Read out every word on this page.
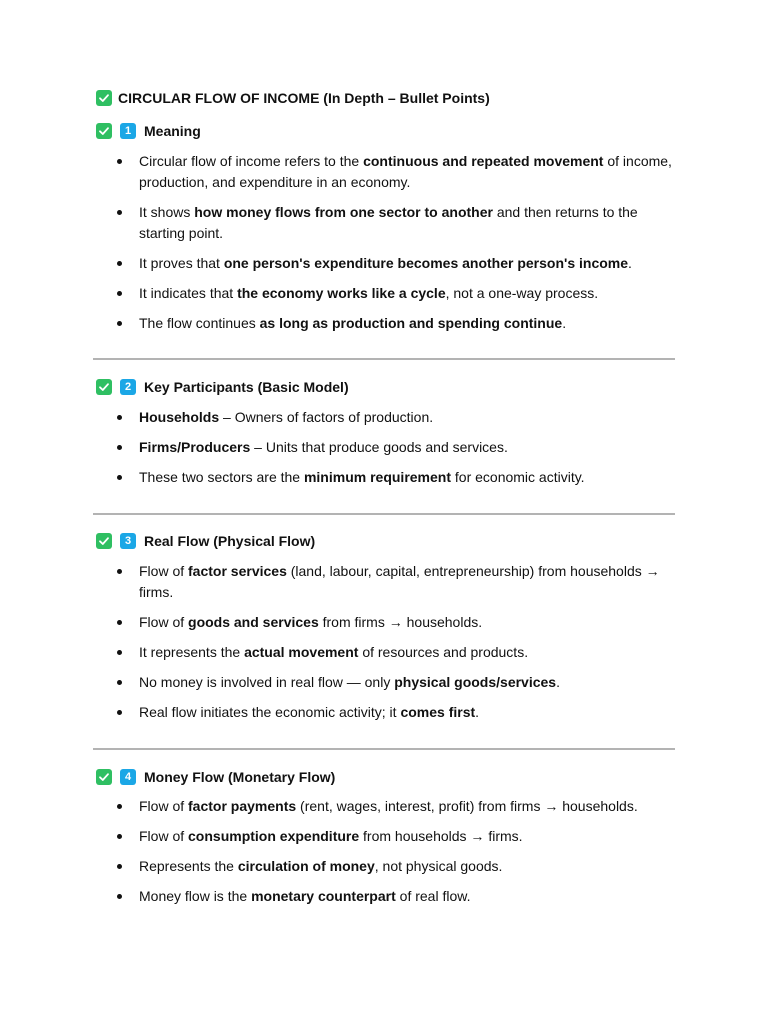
CIRCULAR FLOW OF INCOME (In Depth – Bullet Points)
1 Meaning
Circular flow of income refers to the continuous and repeated movement of income, production, and expenditure in an economy.
It shows how money flows from one sector to another and then returns to the starting point.
It proves that one person's expenditure becomes another person's income.
It indicates that the economy works like a cycle, not a one-way process.
The flow continues as long as production and spending continue.
2 Key Participants (Basic Model)
Households – Owners of factors of production.
Firms/Producers – Units that produce goods and services.
These two sectors are the minimum requirement for economic activity.
3 Real Flow (Physical Flow)
Flow of factor services (land, labour, capital, entrepreneurship) from households → firms.
Flow of goods and services from firms → households.
It represents the actual movement of resources and products.
No money is involved in real flow — only physical goods/services.
Real flow initiates the economic activity; it comes first.
4 Money Flow (Monetary Flow)
Flow of factor payments (rent, wages, interest, profit) from firms → households.
Flow of consumption expenditure from households → firms.
Represents the circulation of money, not physical goods.
Money flow is the monetary counterpart of real flow.
